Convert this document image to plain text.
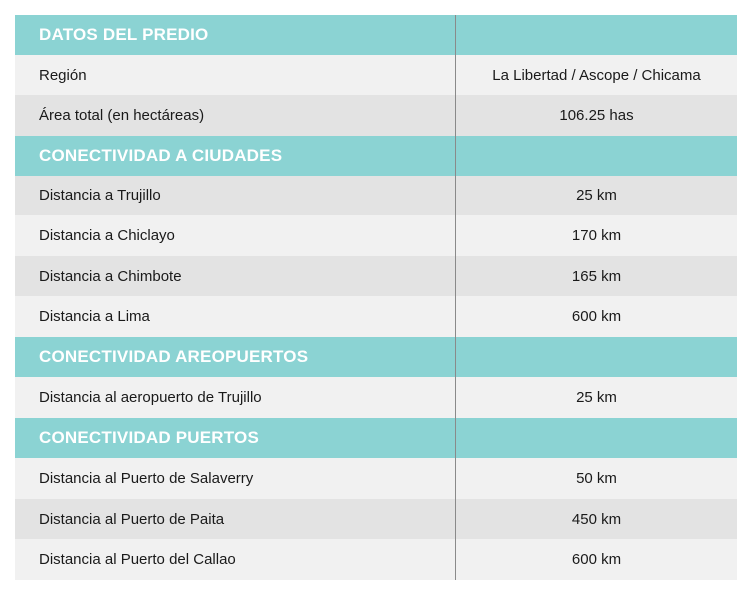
DATOS DEL PREDIO
Región	La Libertad / Ascope / Chicama
Área total (en hectáreas)	106.25 has
CONECTIVIDAD A CIUDADES
Distancia a Trujillo	25 km
Distancia a Chiclayo	170 km
Distancia a Chimbote	165 km
Distancia a Lima	600 km
CONECTIVIDAD AREOPUERTOS
Distancia al aeropuerto de Trujillo	25 km
CONECTIVIDAD PUERTOS
Distancia al Puerto de Salaverry	50 km
Distancia al Puerto de Paita	450 km
Distancia al Puerto del Callao	600 km
